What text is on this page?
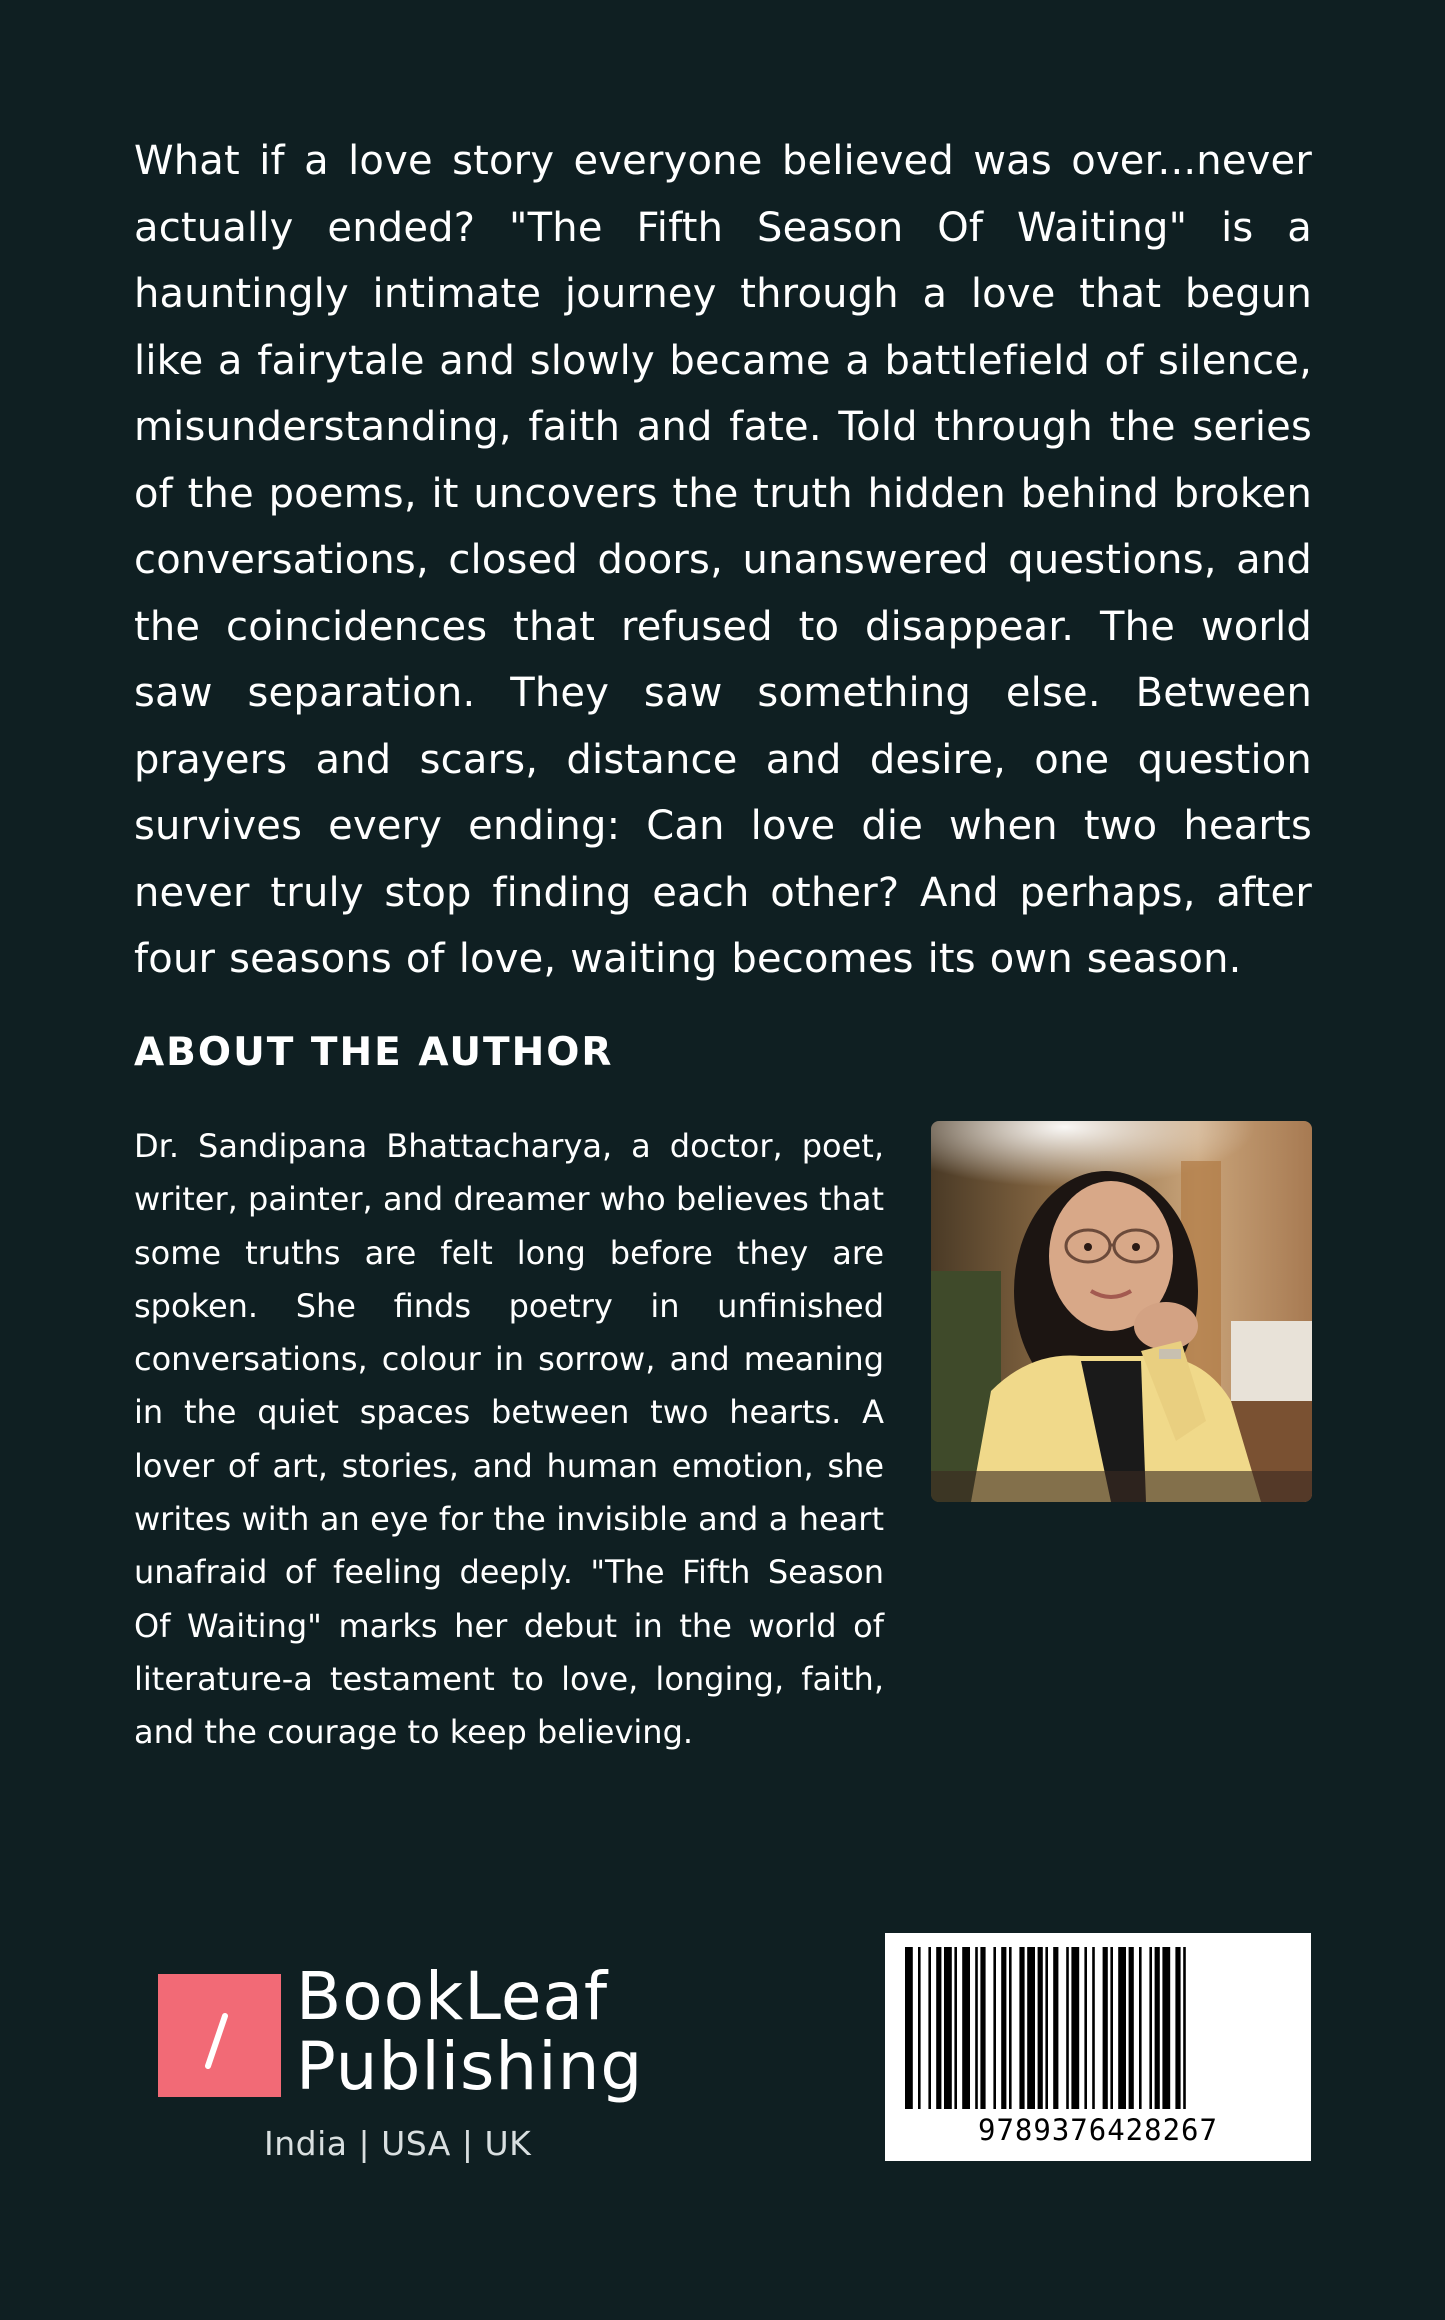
What if a love story everyone believed was over...never actually ended? "The Fifth Season Of Waiting" is a hauntingly intimate journey through a love that begun like a fairytale and slowly became a battlefield of silence, misunderstanding, faith and fate. Told through the series of the poems, it uncovers the truth hidden behind broken conversations, closed doors, unanswered questions, and the coincidences that refused to disappear. The world saw separation. They saw something else. Between prayers and scars, distance and desire, one question survives every ending: Can love die when two hearts never truly stop finding each other? And perhaps, after four seasons of love, waiting becomes its own season.

ABOUT THE AUTHOR

Dr. Sandipana Bhattacharya, a doctor, poet, writer, painter, and dreamer who believes that some truths are felt long before they are spoken. She finds poetry in unfinished conversations, colour in sorrow, and meaning in the quiet spaces between two hearts. A lover of art, stories, and human emotion, she writes with an eye for the invisible and a heart unafraid of feeling deeply. "The Fifth Season Of Waiting" marks her debut in the world of literature-a testament to love, longing, faith, and the courage to keep believing.

BookLeaf
Publishing
India | USA | UK	9789376428267
